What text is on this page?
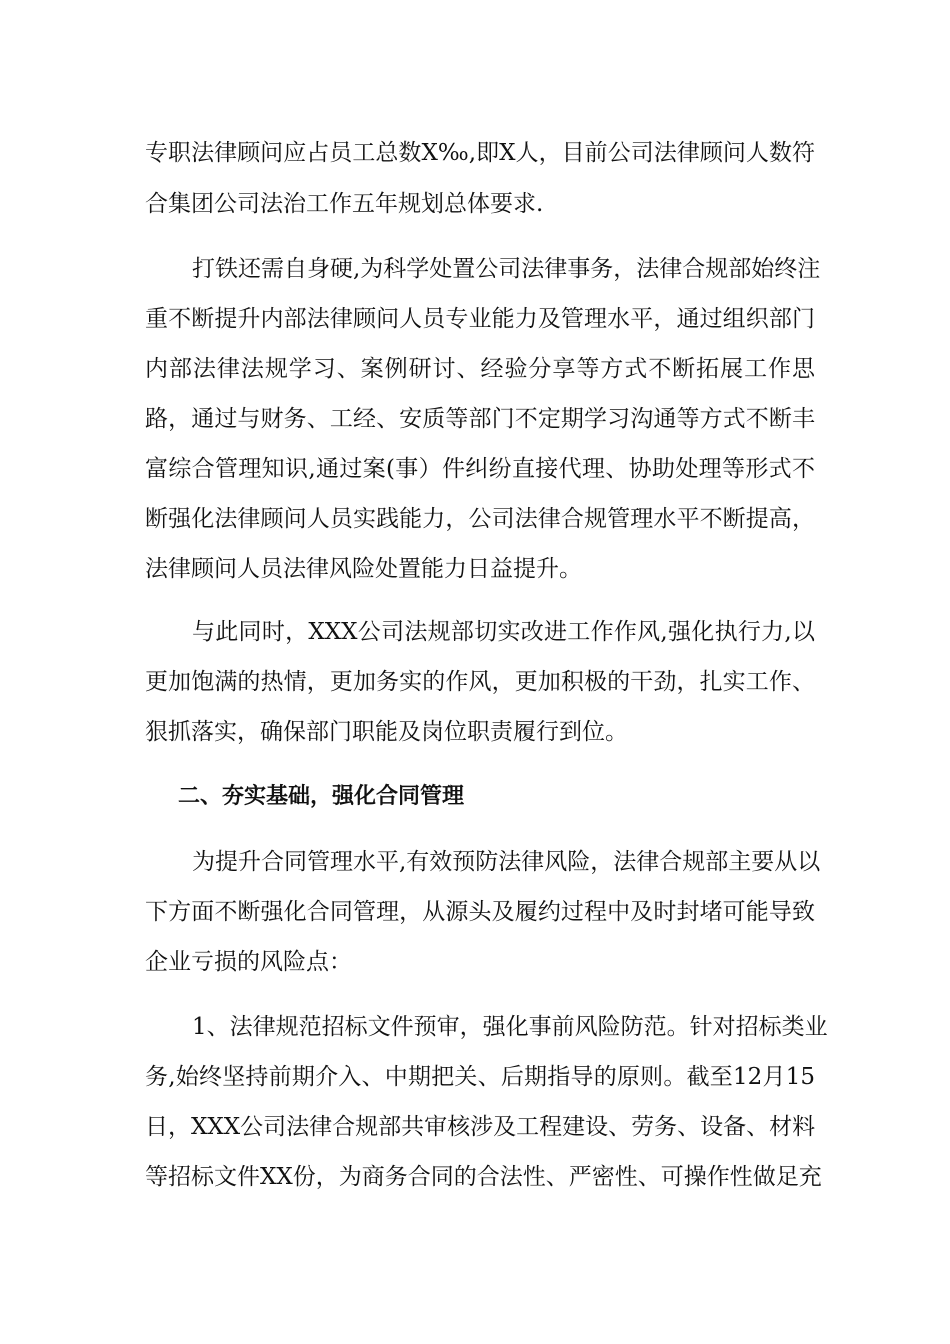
专职法律顾问应占员工总数X‰,即X人，目前公司法律顾问人数符

合集团公司法治工作五年规划总体要求.

打铁还需自身硬,为科学处置公司法律事务，法律合规部始终注

重不断提升内部法律顾问人员专业能力及管理水平，通过组织部门

内部法律法规学习、案例研讨、经验分享等方式不断拓展工作思

路，通过与财务、工经、安质等部门不定期学习沟通等方式不断丰

富综合管理知识,通过案(事）件纠纷直接代理、协助处理等形式不

断强化法律顾问人员实践能力，公司法律合规管理水平不断提高，

法律顾问人员法律风险处置能力日益提升。

与此同时，XXX公司法规部切实改进工作作风,强化执行力,以

更加饱满的热情，更加务实的作风，更加积极的干劲，扎实工作、

狠抓落实，确保部门职能及岗位职责履行到位。

二、夯实基础，强化合同管理

为提升合同管理水平,有效预防法律风险，法律合规部主要从以

下方面不断强化合同管理，从源头及履约过程中及时封堵可能导致

企业亏损的风险点：

1、法律规范招标文件预审，强化事前风险防范。针对招标类业

务,始终坚持前期介入、中期把关、后期指导的原则。截至12月15

日，XXX公司法律合规部共审核涉及工程建设、劳务、设备、材料

等招标文件XX份，为商务合同的合法性、严密性、可操作性做足充
